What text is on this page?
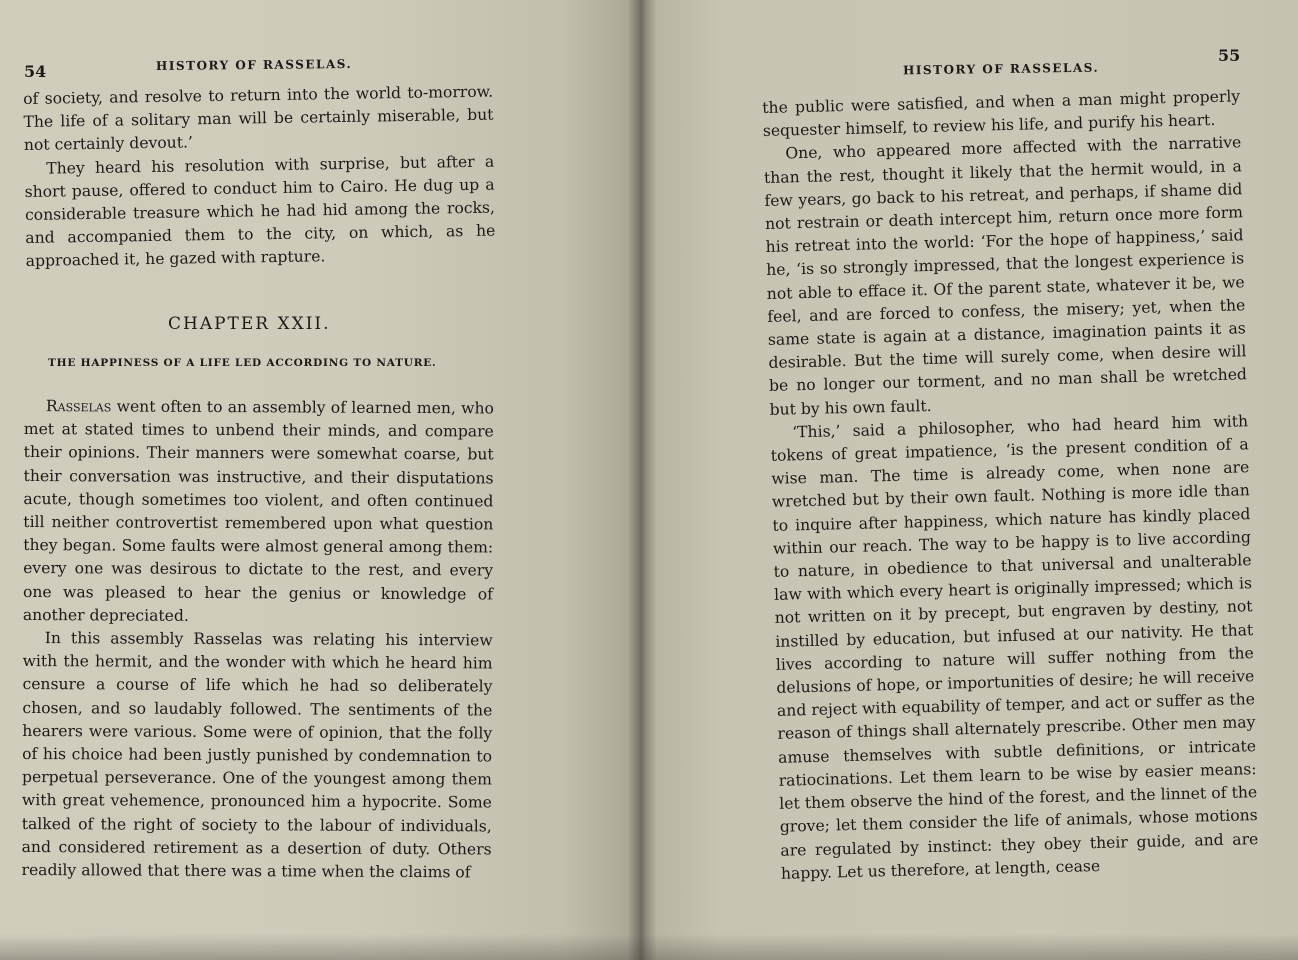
54	HISTORY OF RASSELAS.

of society, and resolve to return into the world to-morrow. The life of a solitary man will be certainly miserable, but not certainly devout.’

They heard his resolution with surprise, but after a short pause, offered to conduct him to Cairo. He dug up a considerable treasure which he had hid among the rocks, and accompanied them to the city, on which, as he approached it, he gazed with rapture.

CHAPTER XXII.
THE HAPPINESS OF A LIFE LED ACCORDING TO NATURE.

Rasselas went often to an assembly of learned men, who met at stated times to unbend their minds, and compare their opinions. Their manners were somewhat coarse, but their conversation was instructive, and their disputations acute, though sometimes too violent, and often continued till neither controvertist remembered upon what question they began. Some faults were almost general among them: every one was desirous to dictate to the rest, and every one was pleased to hear the genius or knowledge of another depreciated.

In this assembly Rasselas was relating his interview with the hermit, and the wonder with which he heard him censure a course of life which he had so deliberately chosen, and so laudably followed. The sentiments of the hearers were various. Some were of opinion, that the folly of his choice had been justly punished by condemnation to perpetual perseverance. One of the youngest among them with great vehemence, pronounced him a hypocrite. Some talked of the right of society to the labour of individuals, and considered retirement as a desertion of duty. Others readily allowed that there was a time when the claims of

HISTORY OF RASSELAS.
55

the public were satisfied, and when a man might properly sequester himself, to review his life, and purify his heart.

One, who appeared more affected with the narrative than the rest, thought it likely that the hermit would, in a few years, go back to his retreat, and perhaps, if shame did not restrain or death intercept him, return once more form his retreat into the world: ‘For the hope of happiness,’ said he, ‘is so strongly impressed, that the longest experience is not able to efface it. Of the parent state, whatever it be, we feel, and are forced to confess, the misery; yet, when the same state is again at a distance, imagination paints it as desirable. But the time will surely come, when desire will be no longer our torment, and no man shall be wretched but by his own fault.

‘This,’ said a philosopher, who had heard him with tokens of great impatience, ‘is the present condition of a wise man. The time is already come, when none are wretched but by their own fault. Nothing is more idle than to inquire after happiness, which nature has kindly placed within our reach. The way to be happy is to live according to nature, in obedience to that universal and unalterable law with which every heart is originally impressed; which is not written on it by precept, but engraven by destiny, not instilled by education, but infused at our nativity. He that lives according to nature will suffer nothing from the delusions of hope, or importunities of desire; he will receive and reject with equability of temper, and act or suffer as the reason of things shall alternately prescribe. Other men may amuse themselves with subtle definitions, or intricate ratiocinations. Let them learn to be wise by easier means: let them observe the hind of the forest, and the linnet of the grove; let them consider the life of animals, whose motions are regulated by instinct: they obey their guide, and are happy. Let us therefore, at length, cease
